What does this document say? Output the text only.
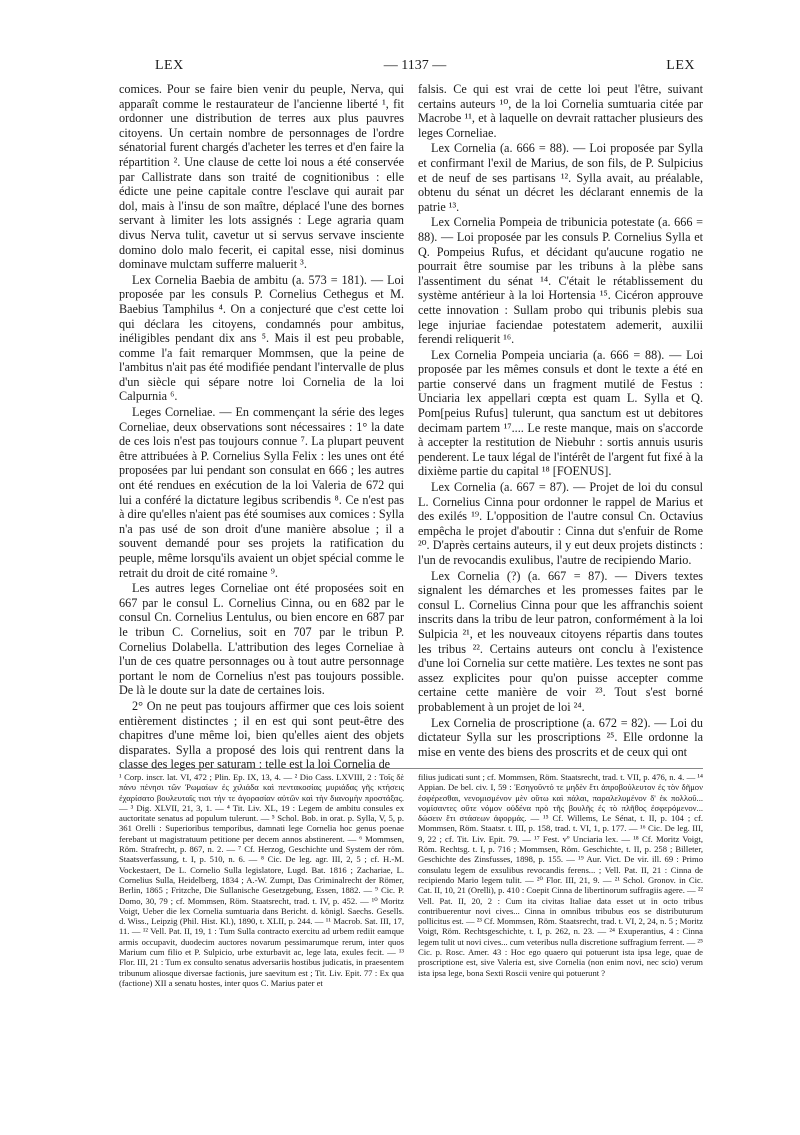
LEX	— 1137 —	LEX

comices. Pour se faire bien venir du peuple, Nerva, qui apparaît comme le restaurateur de l'ancienne liberté ¹, fit ordonner une distribution de terres aux plus pauvres citoyens. Un certain nombre de personnages de l'ordre sénatorial furent chargés d'acheter les terres et d'en faire la répartition ². Une clause de cette loi nous a été conservée par Callistrate dans son traité de cognitionibus : elle édicte une peine capitale contre l'esclave qui aurait par dol, mais à l'insu de son maître, déplacé l'une des bornes servant à limiter les lots assignés : Lege agraria quam divus Nerva tulit, cavetur ut si servus servave inscientе domino dolo malo fecerit, ei capital esse, nisi dominus dominave mulctam sufferre maluerit ³.

Lex Cornelia Baebia de ambitu (a. 573 = 181). — Loi proposée par les consuls P. Cornelius Cethegus et M. Baebius Tamphilus ⁴. On a conjecturé que c'est cette loi qui déclara les citoyens, condamnés pour ambitus, inéligibles pendant dix ans ⁵. Mais il est peu probable, comme l'a fait remarquer Mommsen, que la peine de l'ambitus n'ait pas été modifiée pendant l'intervalle de plus d'un siècle qui sépare notre loi Cornelia de la loi Calpurnia ⁶.

Leges Corneliae. — En commençant la série des leges Corneliae, deux observations sont nécessaires : 1° la date de ces lois n'est pas toujours connue ⁷. La plupart peuvent être attribuées à P. Cornelius Sylla Felix : les unes ont été proposées par lui pendant son consulat en 666 ; les autres ont été rendues en exécution de la loi Valeria de 672 qui lui a conféré la dictature legibus scribendis ⁸. Ce n'est pas à dire qu'elles n'aient pas été soumises aux comices : Sylla n'a pas usé de son droit d'une manière absolue ; il a souvent demandé pour ses projets la ratification du peuple, même lorsqu'ils avaient un objet spécial comme le retrait du droit de cité romaine ⁹.

Les autres leges Corneliae ont été proposées soit en 667 par le consul L. Cornelius Cinna, ou en 682 par le consul Cn. Cornelius Lentulus, ou bien encore en 687 par le tribun C. Cornelius, soit en 707 par le tribun P. Cornelius Dolabella. L'attribution des leges Corneliae à l'un de ces quatre personnages ou à tout autre personnage portant le nom de Cornelius n'est pas toujours possible. De là le doute sur la date de certaines lois.

2° On ne peut pas toujours affirmer que ces lois soient entièrement distinctes ; il en est qui sont peut-être des chapitres d'une même loi, bien qu'elles aient des objets disparates. Sylla a proposé des lois qui rentrent dans la classe des leges per saturam : telle est la loi Cornelia de

falsis. Ce qui est vrai de cette loi peut l'être, suivant certains auteurs ¹⁰, de la loi Cornelia sumtuaria citée par Macrobe ¹¹, et à laquelle on devrait rattacher plusieurs des leges Corneliae.

Lex Cornelia (a. 666 = 88). — Loi proposée par Sylla et confirmant l'exil de Marius, de son fils, de P. Sulpicius et de neuf de ses partisans ¹². Sylla avait, au préalable, obtenu du sénat un décret les déclarant ennemis de la patrie ¹³.

Lex Cornelia Pompeia de tribunicia potestate (a. 666 = 88). — Loi proposée par les consuls P. Cornelius Sylla et Q. Pompeius Rufus, et décidant qu'aucune rogatio ne pourrait être soumise par les tribuns à la plèbe sans l'assentiment du sénat ¹⁴. C'était le rétablissement du système antérieur à la loi Hortensia ¹⁵. Cicéron approuve cette innovation : Sullam probo qui tribunis plebis sua lege injuriae faciendae potestatem ademerit, auxilii ferendi reliquerit ¹⁶.

Lex Cornelia Pompeia unciaria (a. 666 = 88). — Loi proposée par les mêmes consuls et dont le texte a été en partie conservé dans un fragment mutilé de Festus : Unciaria lex appellari cœpta est quam L. Sylla et Q. Pom[peius Rufus] tulerunt, qua sanctum est ut debitores decimam partem ¹⁷.... Le reste manque, mais on s'accorde à accepter la restitution de Niebuhr : sortis annuis usuris penderent. Le taux légal de l'intérêt de l'argent fut fixé à la dixième partie du capital ¹⁸ [FOENUS].

Lex Cornelia (a. 667 = 87). — Projet de loi du consul L. Cornelius Cinna pour ordonner le rappel de Marius et des exilés ¹⁹. L'opposition de l'autre consul Cn. Octavius empêcha le projet d'aboutir : Cinna dut s'enfuir de Rome ²⁰. D'après certains auteurs, il y eut deux projets distincts : l'un de revocandis exulibus, l'autre de recipiendo Mario.

Lex Cornelia (?) (a. 667 = 87). — Divers textes signalent les démarches et les promesses faites par le consul L. Cornelius Cinna pour que les affranchis soient inscrits dans la tribu de leur patron, conformément à la loi Sulpicia ²¹, et les nouveaux citoyens répartis dans toutes les tribus ²². Certains auteurs ont conclu à l'existence d'une loi Cornelia sur cette matière. Les textes ne sont pas assez explicites pour qu'on puisse accepter comme certaine cette manière de voir ²³. Tout s'est borné probablement à un projet de loi ²⁴.

Lex Cornelia de proscriptione (a. 672 = 82). — Loi du dictateur Sylla sur les proscriptions ²⁵. Elle ordonne la mise en vente des biens des proscrits et de ceux qui ont

¹ Corp. inscr. lat. VI, 472 ; Plin. Ep. IX, 13, 4. — ² Dio Cass. LXVIII, 2 : Τοῖς δὲ πάνυ πένησι τῶν Ῥωμαίων ἐς χιλιάδα καὶ πεντακοσίας μυριάδας γῆς κτήσεις ἐχαρίσατο βουλευταῖς τισι τήν τε ἀγορασίαν αὐτῶν καὶ τὴν διανομὴν προστάξας. — ³ Dig. XLVII, 21, 3, 1. — ⁴ Tit. Liv. XL, 19 : Legem de ambitu consules ex auctoritate senatus ad populum tulerunt. — ⁵ Schol. Bob. in orat. p. Sylla, V, 5, p. 361 Orelli : Superioribus temporibus, damnati lege Cornelia hoc genus poenae ferebant ut magistratuum petitione per decem annos abstinerent. — ⁶ Mommsen, Röm. Strafrecht, p. 867, n. 2. — ⁷ Cf. Herzog, Geschichte und System der röm. Staatsverfassung, t. I, p. 510, n. 6. — ⁸ Cic. De leg. agr. III, 2, 5 ; cf. H.-M. Vockestaert, De L. Cornelio Sulla legislatore, Lugd. Bat. 1816 ; Zachariae, L. Cornelius Sulla, Heidelberg, 1834 ; A.-W. Zumpt, Das Criminalrecht der Römer, Berlin, 1865 ; Fritzche, Die Sullanische Gesetzgebung, Essen, 1882. — ⁹ Cic. P. Domo, 30, 79 ; cf. Mommsen, Röm. Staatsrecht, trad. t. IV, p. 452. — ¹⁰ Moritz Voigt, Ueber die lex Cornelia sumtuaria dans Bericht. d. königl. Saechs. Gesells. d. Wiss., Leipzig (Phil. Hist. Kl.), 1890, t. XLII, p. 244. — ¹¹ Macrob. Sat. III, 17, 11. — ¹² Vell. Pat. II, 19, 1 : Tum Sulla contracto exercitu ad urbem rediit eamque armis occupavit, duodecim auctores novarum pessimarumque rerum, inter quos Marium cum filio et P. Sulpicio, urbe exturbavit ac, lege lata, exules fecit. — ¹³ Flor. III, 21 : Tum ex consulto senatus adversariis hostibus judicatis, in praesentem tribunum aliosque diversae factionis, jure saevitum est ; Tit. Liv. Epit. 77 : Ex qua (factione) XII a senatu hostes, inter quos C. Marius pater et

filius judicati sunt ; cf. Mommsen, Röm. Staatsrecht, trad. t. VII, p. 476, n. 4. — ¹⁴ Appian. De bel. civ. I, 59 : Ἐσηγοῦντό τε μηδὲν ἔτι ἀπροβούλευτον ἐς τὸν δῆμον ἐσφέρεσθαι, νενομισμένον μὲν οὕτω καὶ πάλαι, παραλελυμένον δ' ἐκ πολλοῦ... νομίσαντες οὔτε νόμον οὐδένα πρὸ τῆς βουλῆς ἐς τὸ πλῆθος ἐσφερόμενον... δώσειν ἔτι στάσεων ἀφορμάς. — ¹⁵ Cf. Willems, Le Sénat, t. II, p. 104 ; cf. Mommsen, Röm. Staatsr. t. III, p. 158, trad. t. VI, 1, p. 177. — ¹⁶ Cic. De leg. III, 9, 22 ; cf. Tit. Liv. Epit. 79. — ¹⁷ Fest. vº Unciaria lex. — ¹⁸ Cf. Moritz Voigt, Röm. Rechtsg. t. I, p. 716 ; Mommsen, Röm. Geschichte, t. II, p. 258 ; Billeter, Geschichte des Zinsfusses, 1898, p. 155. — ¹⁹ Aur. Vict. De vir. ill. 69 : Primo consulatu legem de exsulibus revocandis ferens... ; Vell. Pat. II, 21 : Cinna de recipiendo Mario legem tulit. — ²⁰ Flor. III, 21, 9. — ²¹ Schol. Gronov. in Cic. Cat. II, 10, 21 (Orelli), p. 410 : Coepit Cinna de libertinorum suffragiis agere. — ²² Vell. Pat. II, 20, 2 : Cum ita civitas Italiae data esset ut in octo tribus contribuerentur novi cives... Cinna in omnibus tribubus eos se distributurum pollicitus est. — ²³ Cf. Mommsen, Röm. Staatsrecht, trad. t. VI, 2, 24, n. 5 ; Moritz Voigt, Röm. Rechtsgeschichte, t. I, p. 262, n. 23. — ²⁴ Exuperantius, 4 : Cinna legem tulit ut novi cives... cum veteribus nulla discretione suffragium ferrent. — ²⁵ Cic. p. Rosc. Amer. 43 : Hoc ego quaero qui potuerunt ista ipsa lege, quae de proscriptione est, sive Valeria est, sive Cornelia (non enim novi, nec scio) verum ista ipsa lege, bona Sexti Roscii venire qui potuerunt ?
